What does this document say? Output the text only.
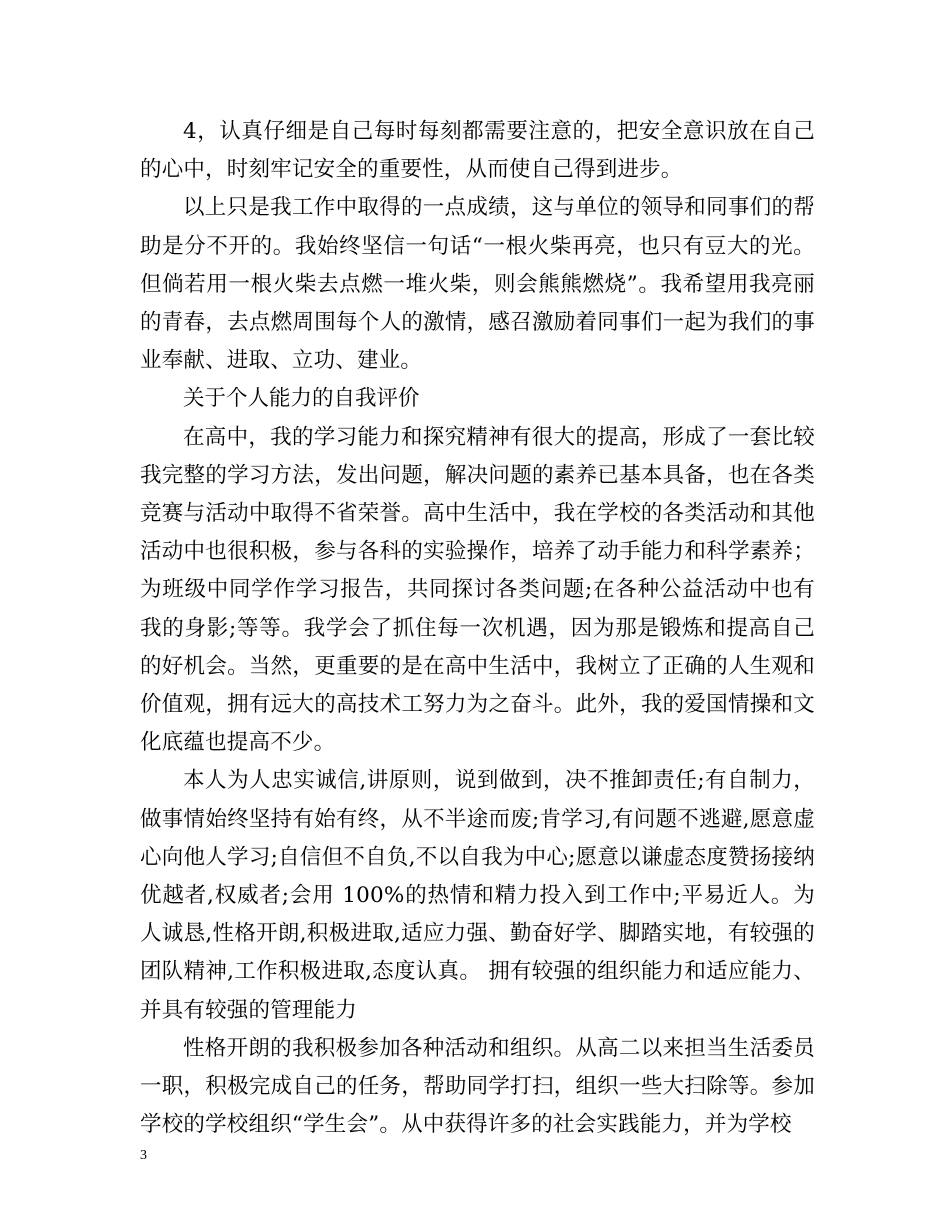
4，认真仔细是自己每时每刻都需要注意的，把安全意识放在自己的心中，时刻牢记安全的重要性，从而使自己得到进步。

以上只是我工作中取得的一点成绩，这与单位的领导和同事们的帮助是分不开的。我始终坚信一句话“一根火柴再亮，也只有豆大的光。但倘若用一根火柴去点燃一堆火柴，则会熊熊燃烧”。我希望用我亮丽的青春，去点燃周围每个人的激情，感召激励着同事们一起为我们的事业奉献、进取、立功、建业。

关于个人能力的自我评价

在高中，我的学习能力和探究精神有很大的提高，形成了一套比较我完整的学习方法，发出问题，解决问题的素养已基本具备，也在各类竞赛与活动中取得不省荣誉。高中生活中，我在学校的各类活动和其他活动中也很积极，参与各科的实验操作，培养了动手能力和科学素养；为班级中同学作学习报告，共同探讨各类问题;在各种公益活动中也有我的身影;等等。我学会了抓住每一次机遇，因为那是锻炼和提高自己的好机会。当然，更重要的是在高中生活中，我树立了正确的人生观和价值观，拥有远大的高技术工努力为之奋斗。此外，我的爱国情操和文化底蕴也提高不少。

本人为人忠实诚信,讲原则，说到做到，决不推卸责任;有自制力，做事情始终坚持有始有终，从不半途而废;肯学习,有问题不逃避,愿意虚心向他人学习;自信但不自负,不以自我为中心;愿意以谦虚态度赞扬接纳优越者,权威者;会用 100%的热情和精力投入到工作中;平易近人。为人诚恳,性格开朗,积极进取,适应力强、勤奋好学、脚踏实地，有较强的团队精神,工作积极进取,态度认真。 拥有较强的组织能力和适应能力、并具有较强的管理能力

性格开朗的我积极参加各种活动和组织。从高二以来担当生活委员一职，积极完成自己的任务，帮助同学打扫，组织一些大扫除等。参加学校的学校组织“学生会”。从中获得许多的社会实践能力，并为学校

3
